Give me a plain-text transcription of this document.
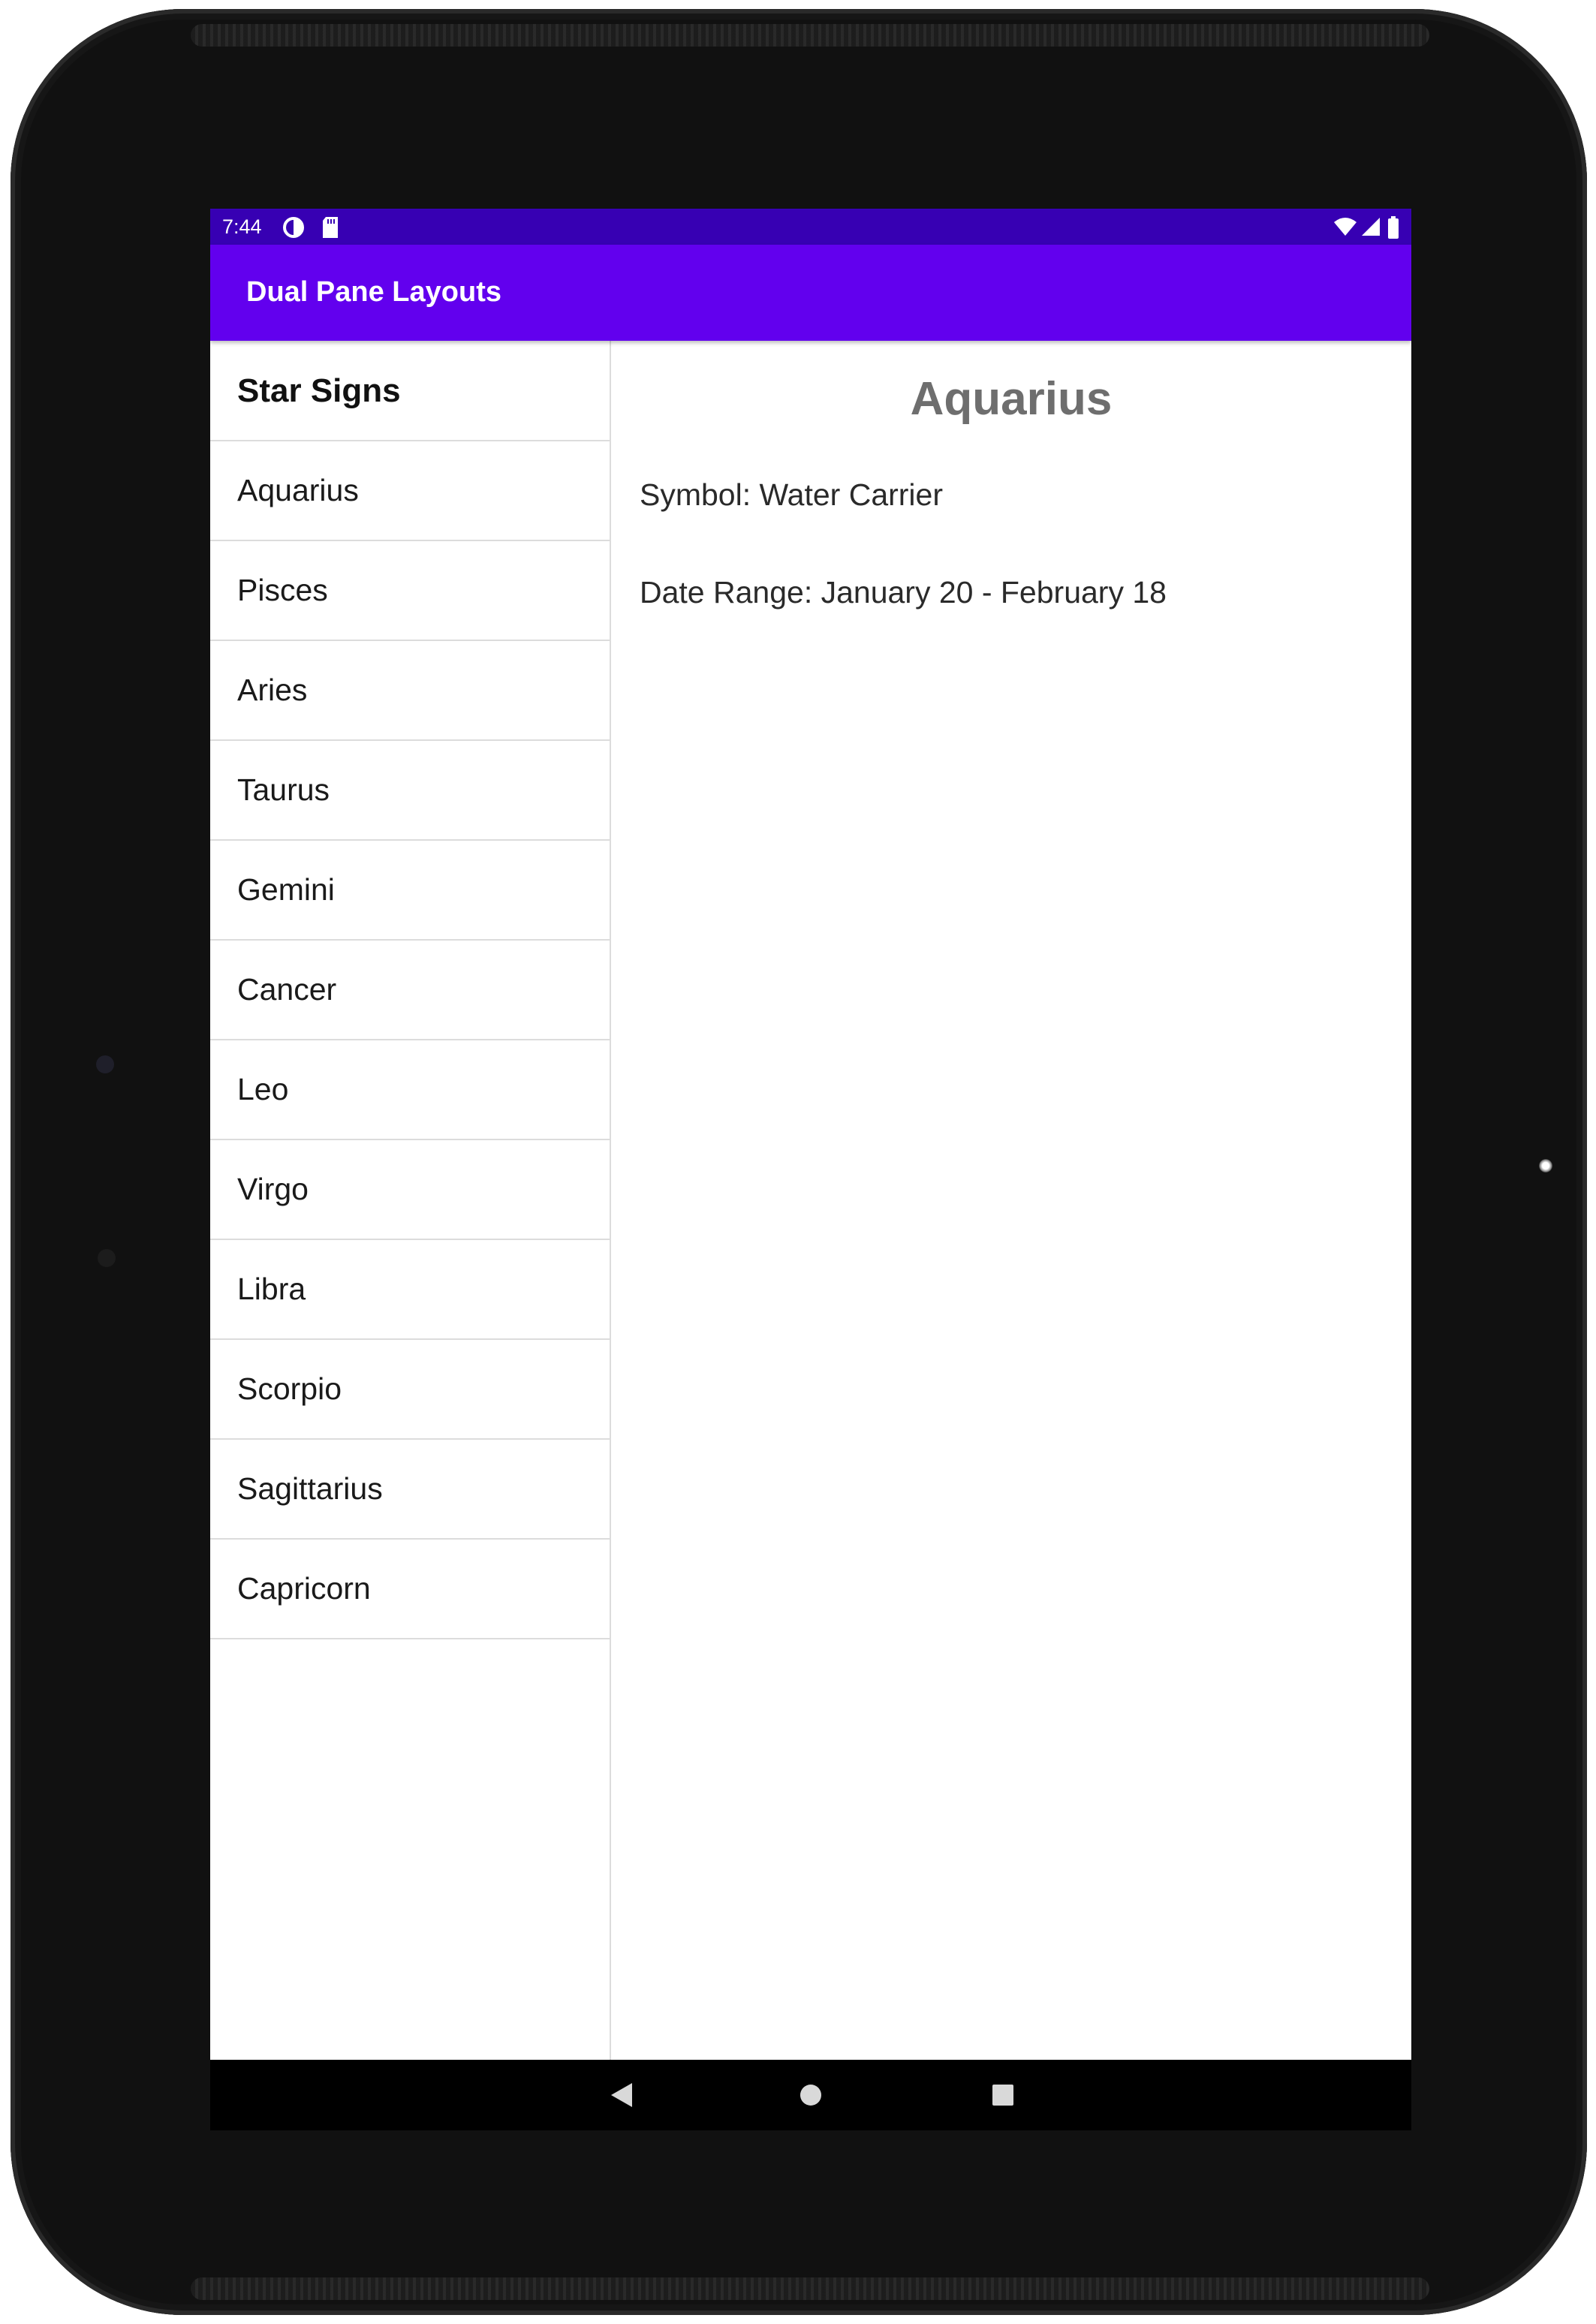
7:44
Dual Pane Layouts
Star Signs
Aquarius
Pisces
Aries
Taurus
Gemini
Cancer
Leo
Virgo
Libra
Scorpio
Sagittarius
Capricorn
Aquarius
Symbol: Water Carrier
Date Range: January 20 - February 18
